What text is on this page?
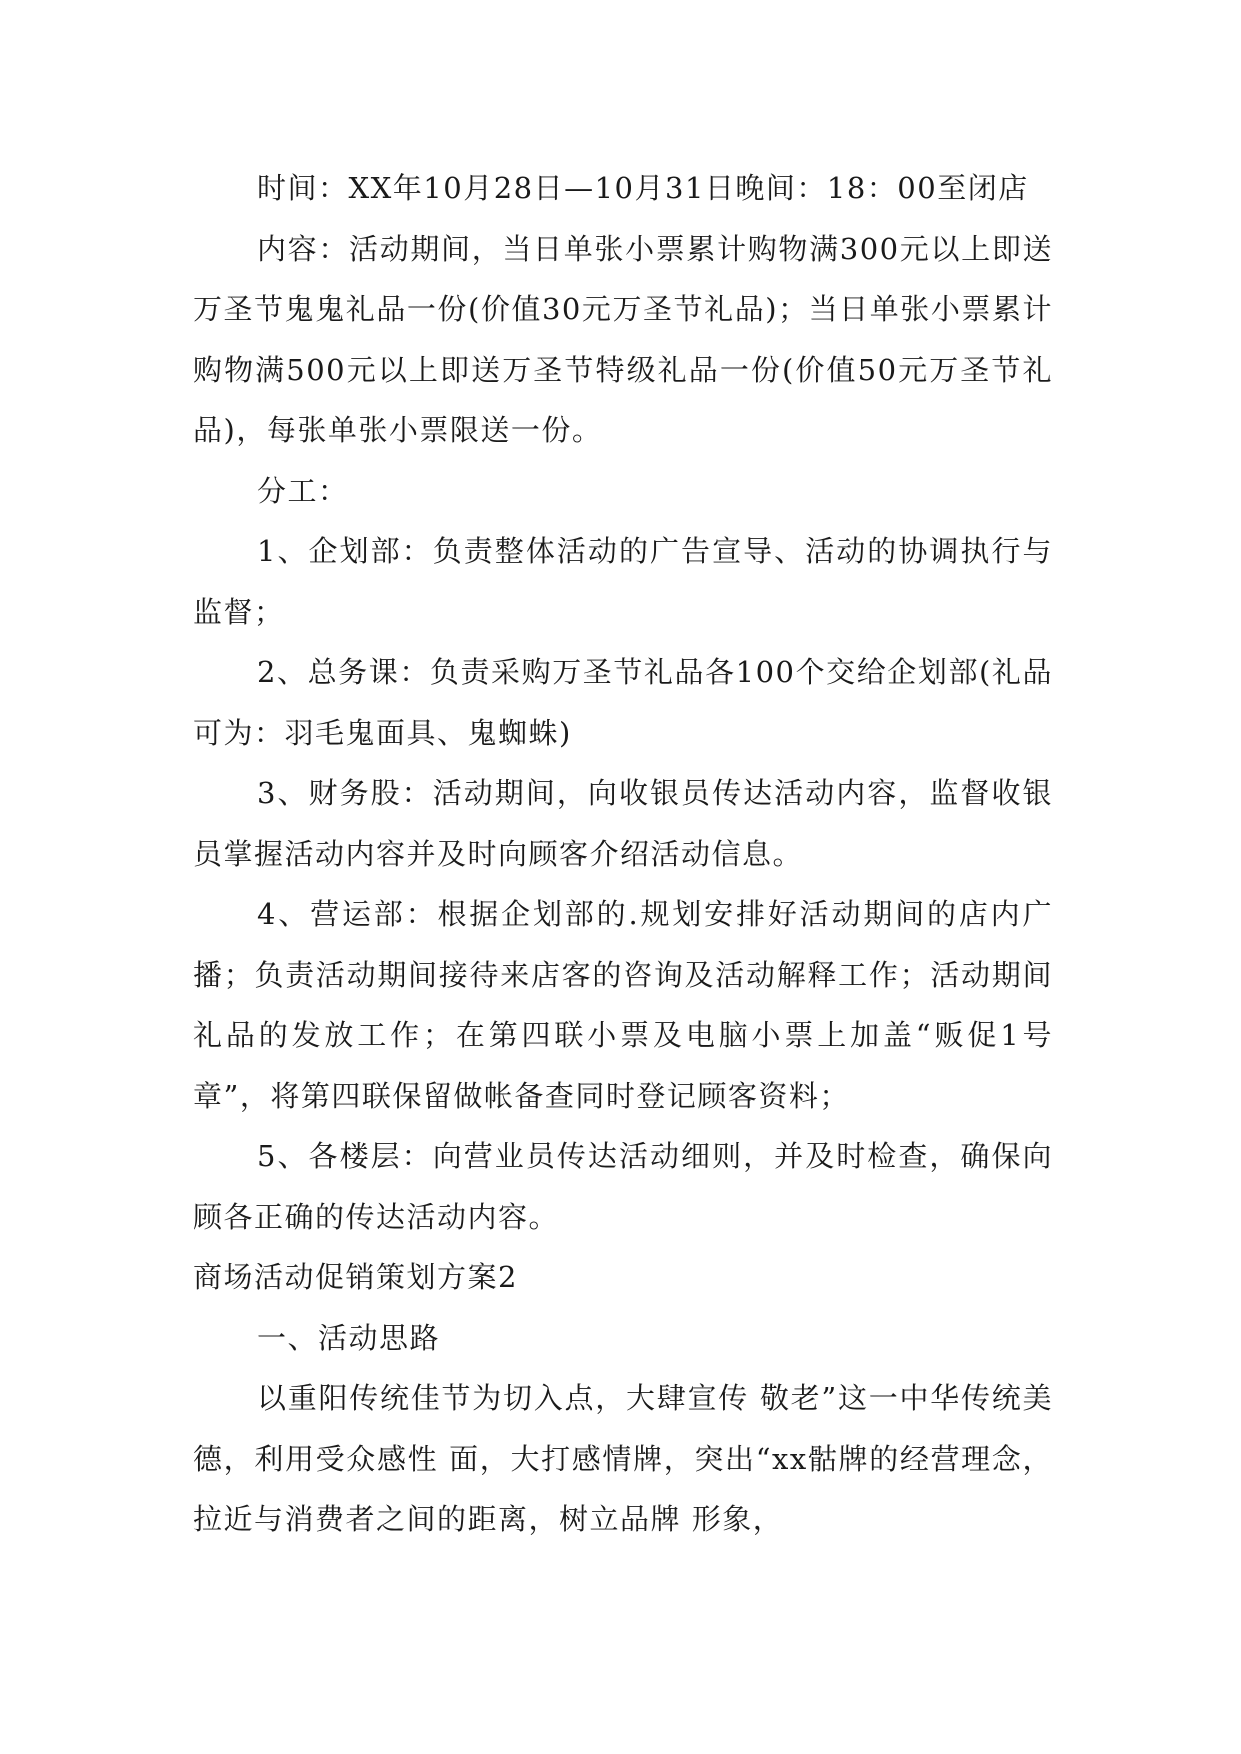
时间：XX年10月28日—10月31日晚间：18：00至闭店

内容：活动期间，当日单张小票累计购物满300元以上即送万圣节鬼鬼礼品一份(价值30元万圣节礼品)；当日单张小票累计购物满500元以上即送万圣节特级礼品一份(价值50元万圣节礼品)，每张单张小票限送一份。

分工：

1、企划部：负责整体活动的广告宣导、活动的协调执行与监督；

2、总务课：负责采购万圣节礼品各100个交给企划部(礼品可为：羽毛鬼面具、鬼蜘蛛)

3、财务股：活动期间，向收银员传达活动内容，监督收银员掌握活动内容并及时向顾客介绍活动信息。

4、营运部：根据企划部的.规划安排好活动期间的店内广播；负责活动期间接待来店客的咨询及活动解释工作；活动期间礼品的发放工作；在第四联小票及电脑小票上加盖“贩促1号章”，将第四联保留做帐备查同时登记顾客资料；

5、各楼层：向营业员传达活动细则，并及时检查，确保向顾各正确的传达活动内容。

商场活动促销策划方案2

一、活动思路

以重阳传统佳节为切入点，大肆宣传 敬老”这一中华传统美德，利用受众感性 面，大打感情牌，突出“xx骷牌的经营理念，拉近与消费者之间的距离，树立品牌 形象，
